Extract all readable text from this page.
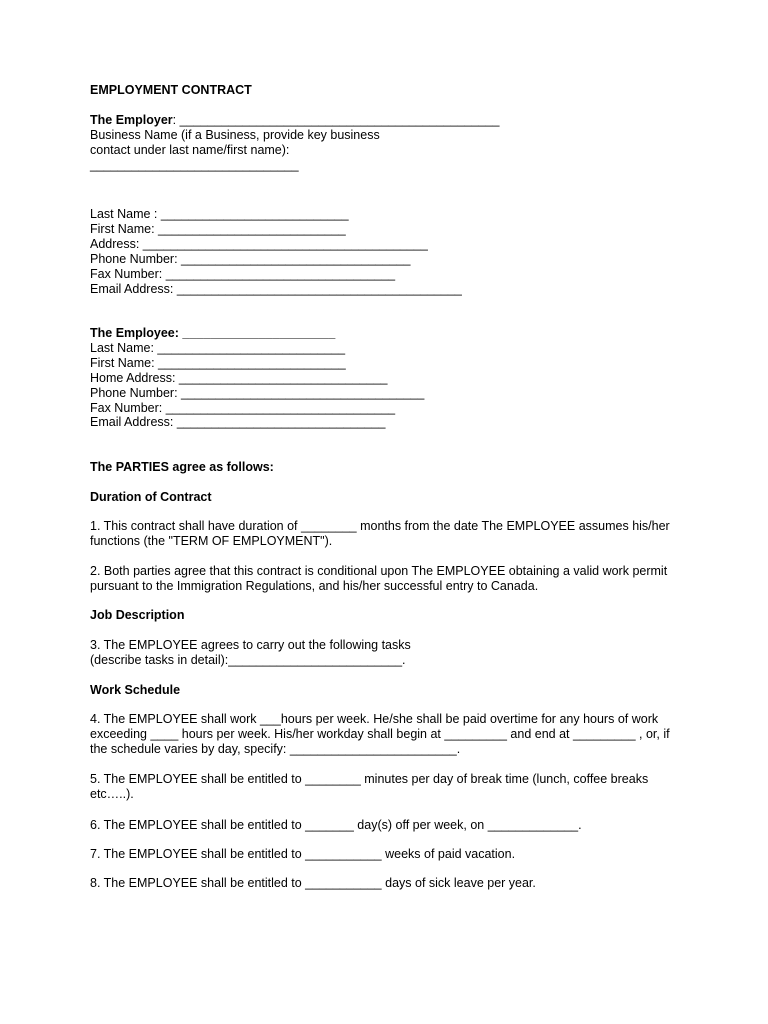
EMPLOYMENT CONTRACT
The Employer: ______________________________________________
Business Name (if a Business, provide key business
contact under last name/first name):
______________________________
Last Name : ___________________________
First Name: ___________________________
Address: _________________________________________
Phone Number: _________________________________
Fax Number: _________________________________
Email Address: _________________________________________
The Employee: ______________________
Last Name: ___________________________
First Name: ___________________________
Home Address: ______________________________
Phone Number: ___________________________________
Fax Number: _________________________________
Email Address: ______________________________
The PARTIES agree as follows:
Duration of Contract
1. This contract shall have duration of ________ months from the date The EMPLOYEE assumes his/her
functions (the "TERM OF EMPLOYMENT").
2. Both parties agree that this contract is conditional upon The EMPLOYEE obtaining a valid work permit
pursuant to the Immigration Regulations, and his/her successful entry to Canada.
Job Description
3. The EMPLOYEE agrees to carry out the following tasks
(describe tasks in detail):_________________________.
Work Schedule
4. The EMPLOYEE shall work ___hours per week. He/she shall be paid overtime for any hours of work
exceeding ____ hours per week. His/her workday shall begin at _________ and end at _________ , or, if
the schedule varies by day, specify: ________________________.
5. The EMPLOYEE shall be entitled to ________ minutes per day of break time (lunch, coffee breaks
etc…..).
6. The EMPLOYEE shall be entitled to _______ day(s) off per week, on _____________.
7. The EMPLOYEE shall be entitled to ___________ weeks of paid vacation.
8. The EMPLOYEE shall be entitled to ___________ days of sick leave per year.
